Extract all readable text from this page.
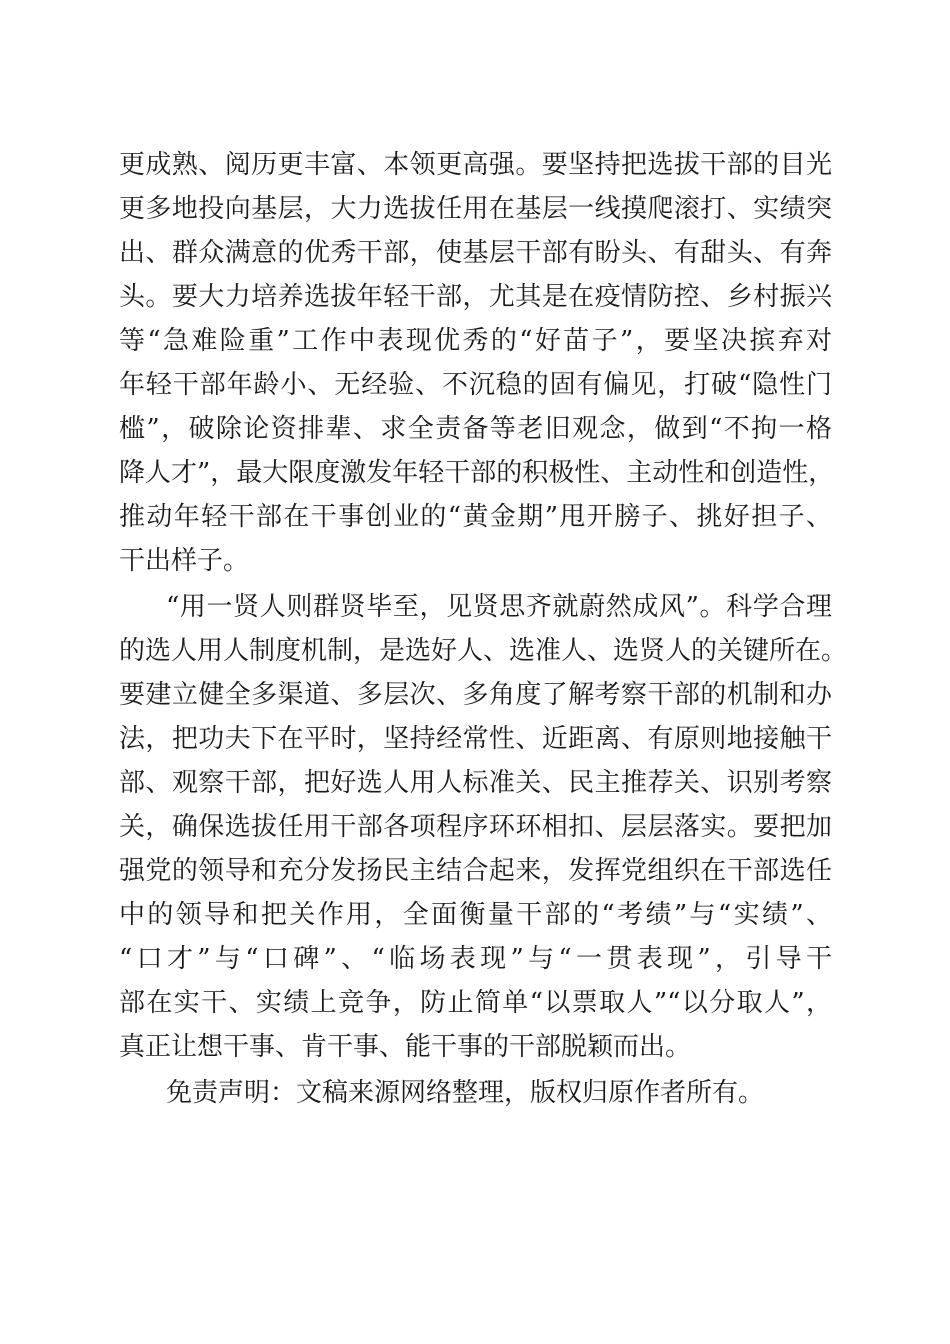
更成熟、阅历更丰富、本领更高强。要坚持把选拔干部的目光
更多地投向基层，大力选拔任用在基层一线摸爬滚打、实绩突
出、群众满意的优秀干部，使基层干部有盼头、有甜头、有奔
头。要大力培养选拔年轻干部，尤其是在疫情防控、乡村振兴
等“急难险重”工作中表现优秀的“好苗子”，要坚决摈弃对
年轻干部年龄小、无经验、不沉稳的固有偏见，打破“隐性门
槛”，破除论资排辈、求全责备等老旧观念，做到“不拘一格
降人才”，最大限度激发年轻干部的积极性、主动性和创造性，
推动年轻干部在干事创业的“黄金期”甩开膀子、挑好担子、
干出样子。
“用一贤人则群贤毕至，见贤思齐就蔚然成风”。科学合理
的选人用人制度机制，是选好人、选准人、选贤人的关键所在。
要建立健全多渠道、多层次、多角度了解考察干部的机制和办
法，把功夫下在平时，坚持经常性、近距离、有原则地接触干
部、观察干部，把好选人用人标准关、民主推荐关、识别考察
关，确保选拔任用干部各项程序环环相扣、层层落实。要把加
强党的领导和充分发扬民主结合起来，发挥党组织在干部选任
中的领导和把关作用，全面衡量干部的“考绩”与“实绩”、
“口才”与“口碑”、“临场表现”与“一贯表现”，引导干
部在实干、实绩上竞争，防止简单“以票取人”“以分取人”，
真正让想干事、肯干事、能干事的干部脱颖而出。
免责声明：文稿来源网络整理，版权归原作者所有。
